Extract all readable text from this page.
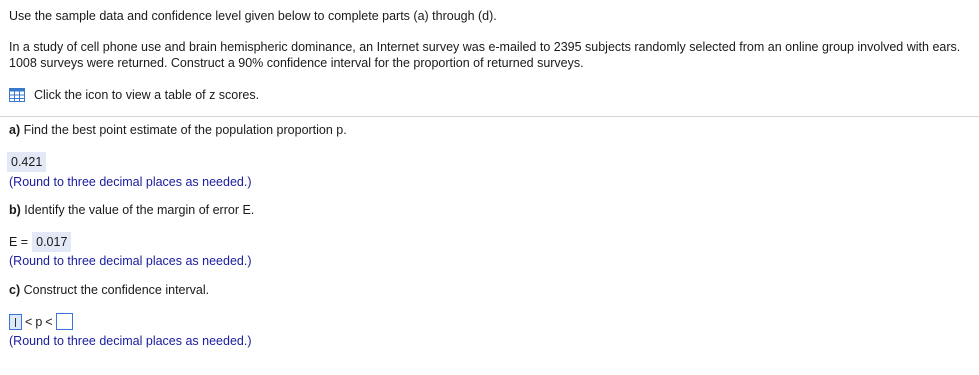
Use the sample data and confidence level given below to complete parts (a) through (d).
In a study of cell phone use and brain hemispheric dominance, an Internet survey was e-mailed to 2395 subjects randomly selected from an online group involved with ears. 1008 surveys were returned. Construct a 90% confidence interval for the proportion of returned surveys.
Click the icon to view a table of z scores.
a) Find the best point estimate of the population proportion p.
0.421
(Round to three decimal places as needed.)
b) Identify the value of the margin of error E.
E = 0.017
(Round to three decimal places as needed.)
c) Construct the confidence interval.
< p <
(Round to three decimal places as needed.)
